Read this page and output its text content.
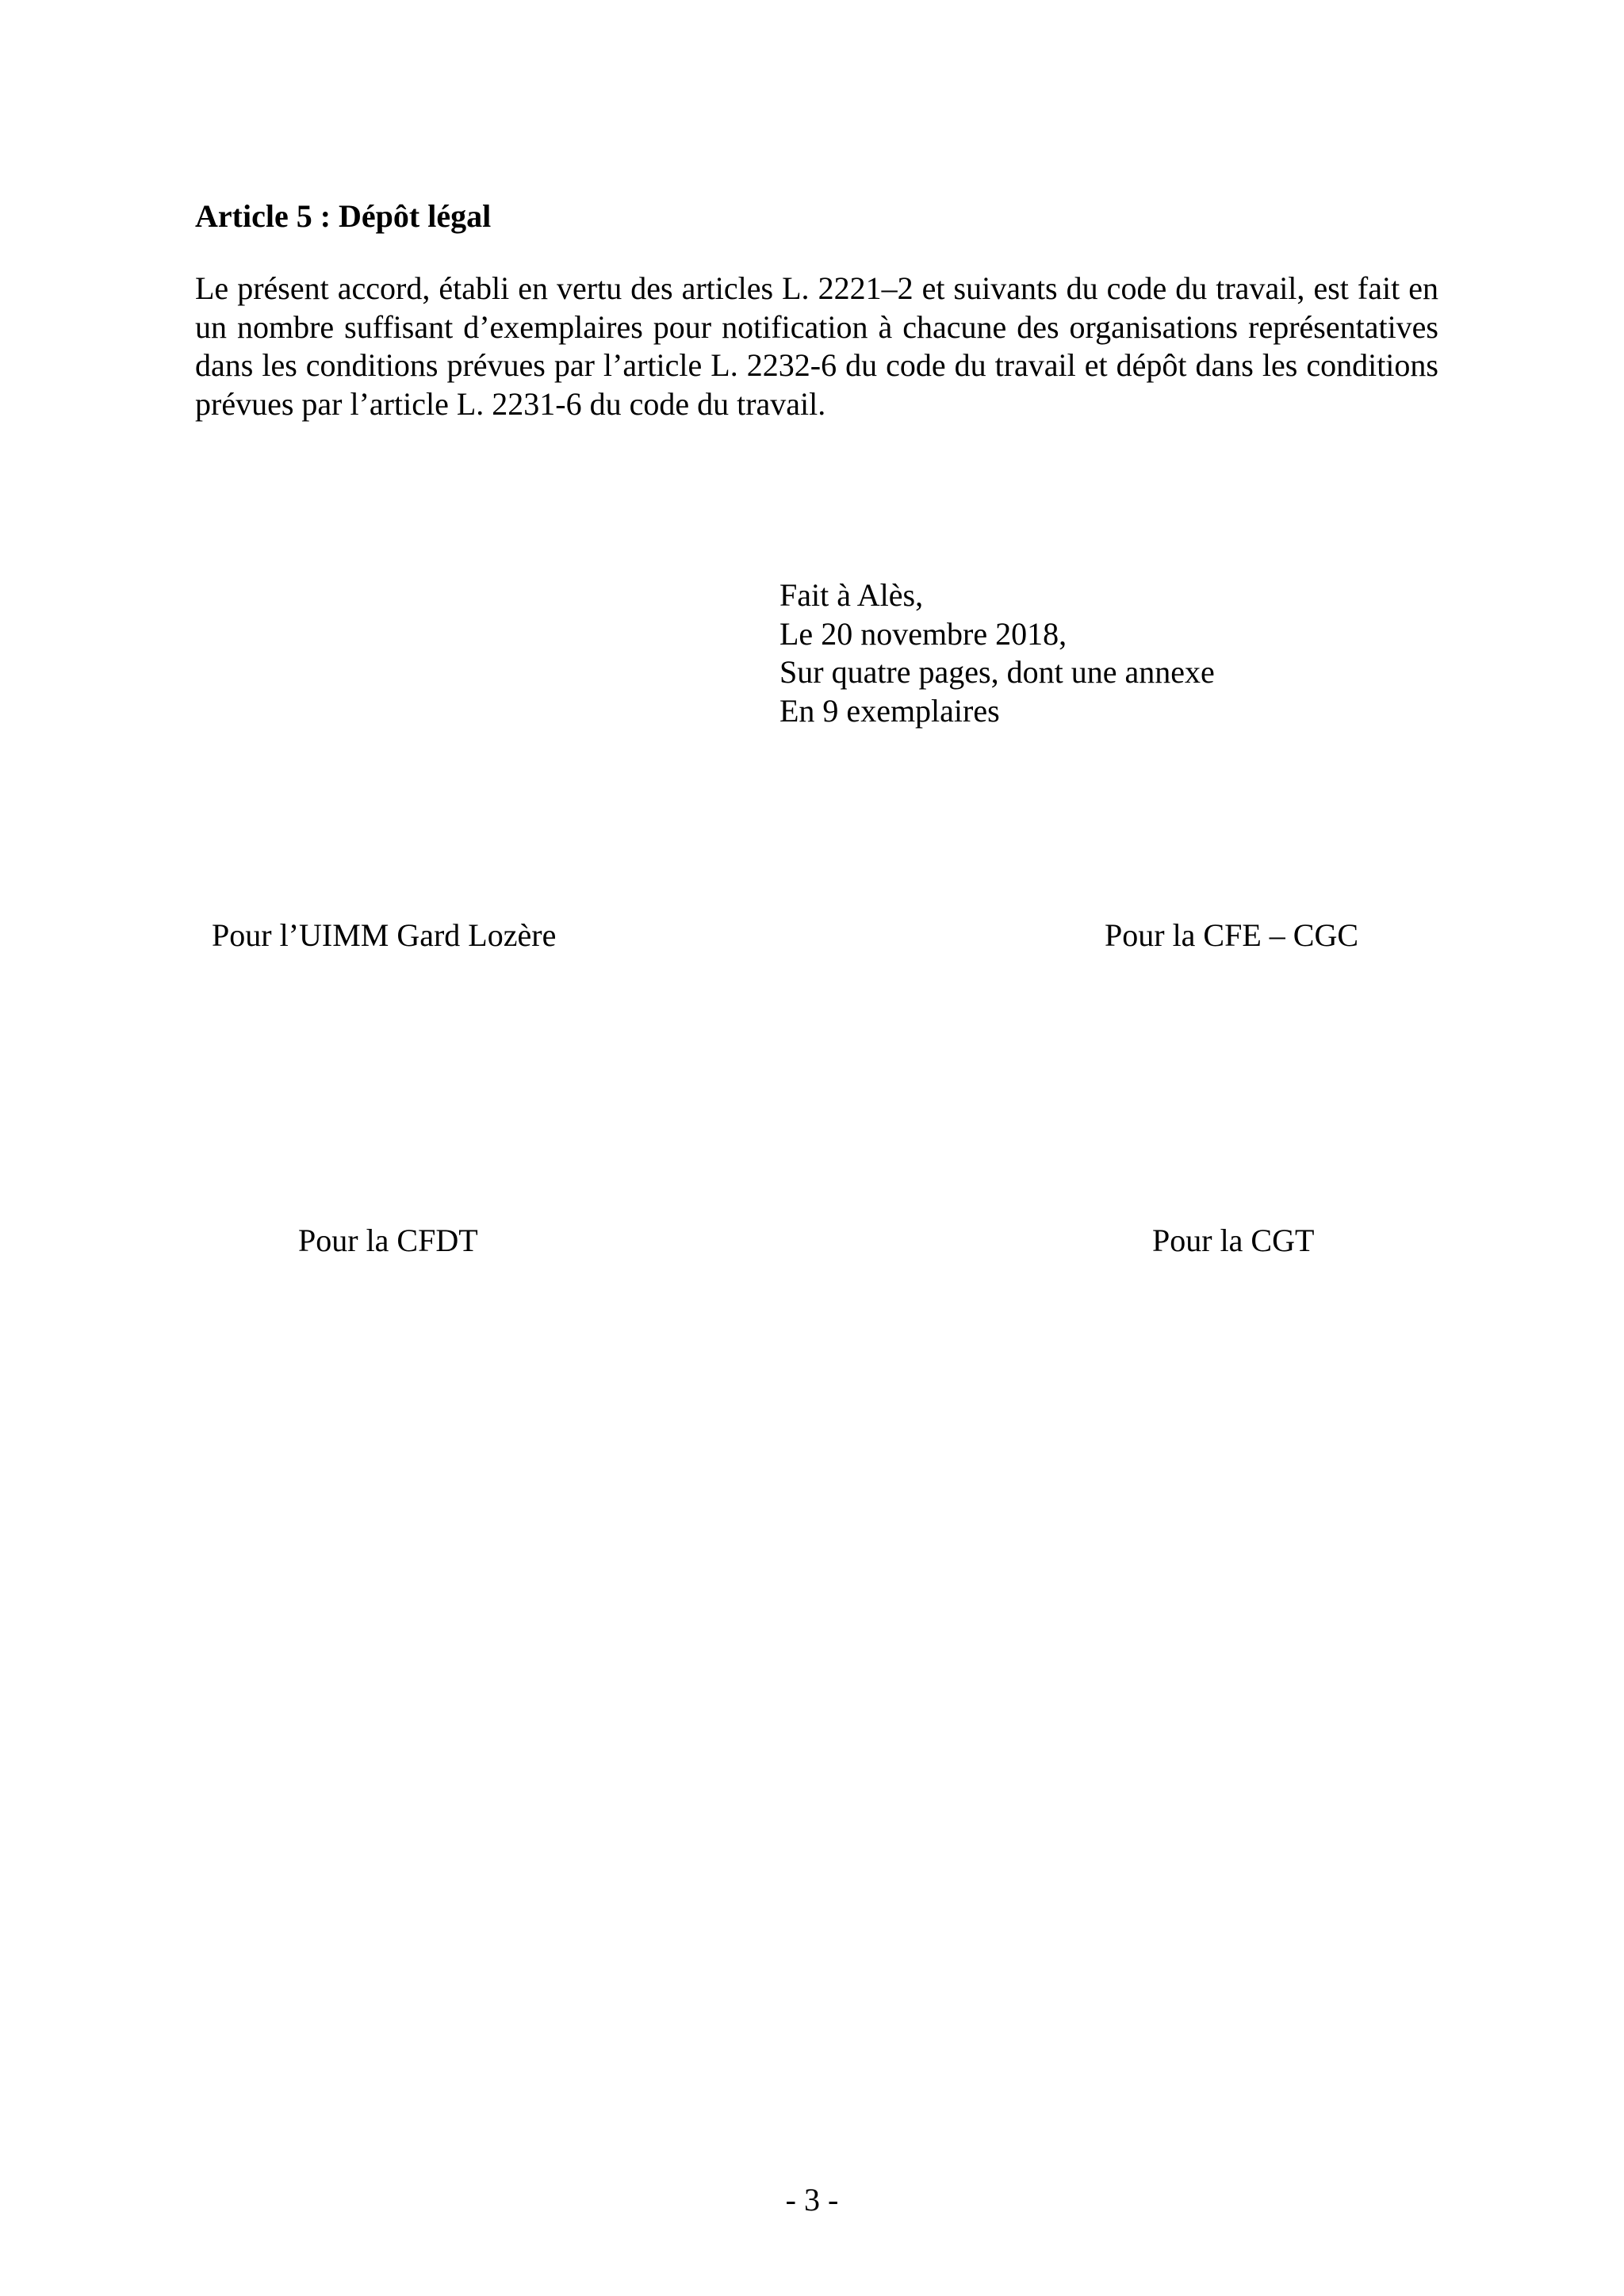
Article 5 : Dépôt légal

Le présent accord, établi en vertu des articles L. 2221–2 et suivants du code du travail, est fait en un nombre suffisant d’exemplaires pour notification à chacune des organisations représentatives dans les conditions prévues par l’article L. 2232-6 du code du travail et dépôt dans les conditions prévues par l’article L. 2231-6 du code du travail.

Fait à Alès,
Le 20 novembre 2018,
Sur quatre pages, dont une annexe
En 9 exemplaires
Pour l’UIMM Gard Lozère	Pour la CFE – CGC
Pour la CFDT	Pour la CGT
- 3 -
